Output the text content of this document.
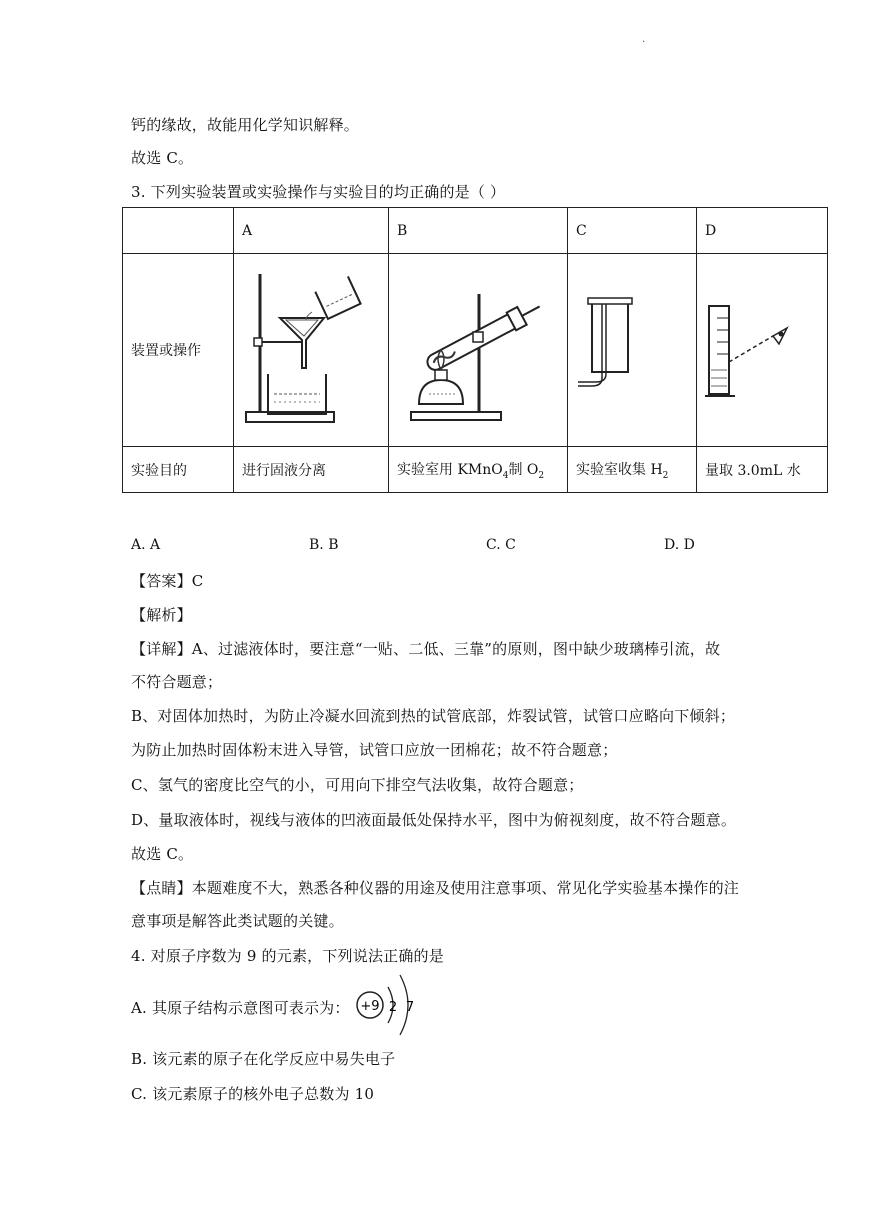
.
钙的缘故，故能用化学知识解释。
故选 C。
3. 下列实验装置或实验操作与实验目的均正确的是（ ）
	A	B	C	D
装置或操作	

实验目的	进行固液分离	实验室用 KMnO$_4$制 $O_2$	实验室收集 $H_2$	量取 3.0mL 水
A. A	B. B	C. C	D. D
【答案】C
【解析】
【详解】A、过滤液体时，要注意“一贴、二低、三靠”的原则，图中缺少玻璃棒引流，故
不符合题意；
B、对固体加热时，为防止冷凝水回流到热的试管底部，炸裂试管，试管口应略向下倾斜；
为防止加热时固体粉末进入导管，试管口应放一团棉花；故不符合题意；
C、氢气的密度比空气的小，可用向下排空气法收集，故符合题意；
D、量取液体时，视线与液体的凹液面最低处保持水平，图中为俯视刻度，故不符合题意。
故选 C。
【点睛】本题难度不大，熟悉各种仪器的用途及使用注意事项、常见化学实验基本操作的注
意事项是解答此类试题的关键。
4. 对原子序数为 9 的元素，下列说法正确的是
A. 其原子结构示意图可表示为： +9 2 7
B. 该元素的原子在化学反应中易失电子
C. 该元素原子的核外电子总数为 10
